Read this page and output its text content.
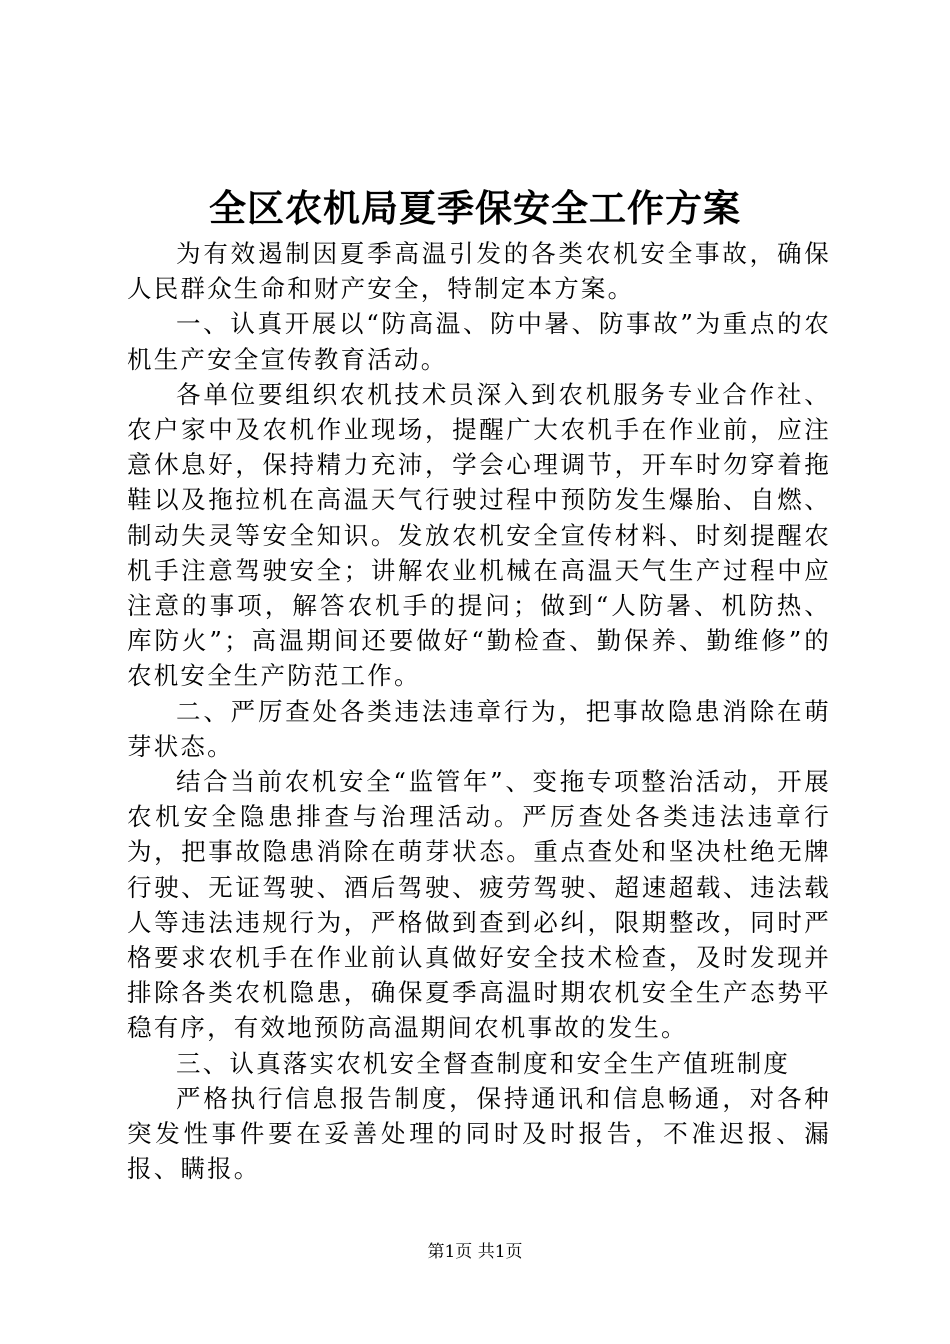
全区农机局夏季保安全工作方案

为有效遏制因夏季高温引发的各类农机安全事故，确保人民群众生命和财产安全，特制定本方案。

一、认真开展以“防高温、防中暑、防事故”为重点的农机生产安全宣传教育活动。

各单位要组织农机技术员深入到农机服务专业合作社、农户家中及农机作业现场，提醒广大农机手在作业前，应注意休息好，保持精力充沛，学会心理调节，开车时勿穿着拖鞋以及拖拉机在高温天气行驶过程中预防发生爆胎、自燃、制动失灵等安全知识。发放农机安全宣传材料、时刻提醒农机手注意驾驶安全；讲解农业机械在高温天气生产过程中应注意的事项，解答农机手的提问；做到“人防暑、机防热、库防火”；高温期间还要做好“勤检查、勤保养、勤维修”的农机安全生产防范工作。

二、严厉查处各类违法违章行为，把事故隐患消除在萌芽状态。

结合当前农机安全“监管年”、变拖专项整治活动，开展农机安全隐患排查与治理活动。严厉查处各类违法违章行为，把事故隐患消除在萌芽状态。重点查处和坚决杜绝无牌行驶、无证驾驶、酒后驾驶、疲劳驾驶、超速超载、违法载人等违法违规行为，严格做到查到必纠，限期整改，同时严格要求农机手在作业前认真做好安全技术检查，及时发现并排除各类农机隐患，确保夏季高温时期农机安全生产态势平稳有序，有效地预防高温期间农机事故的发生。

三、认真落实农机安全督查制度和安全生产值班制度

严格执行信息报告制度，保持通讯和信息畅通，对各种突发性事件要在妥善处理的同时及时报告，不准迟报、漏报、瞒报。

第1页 共1页
